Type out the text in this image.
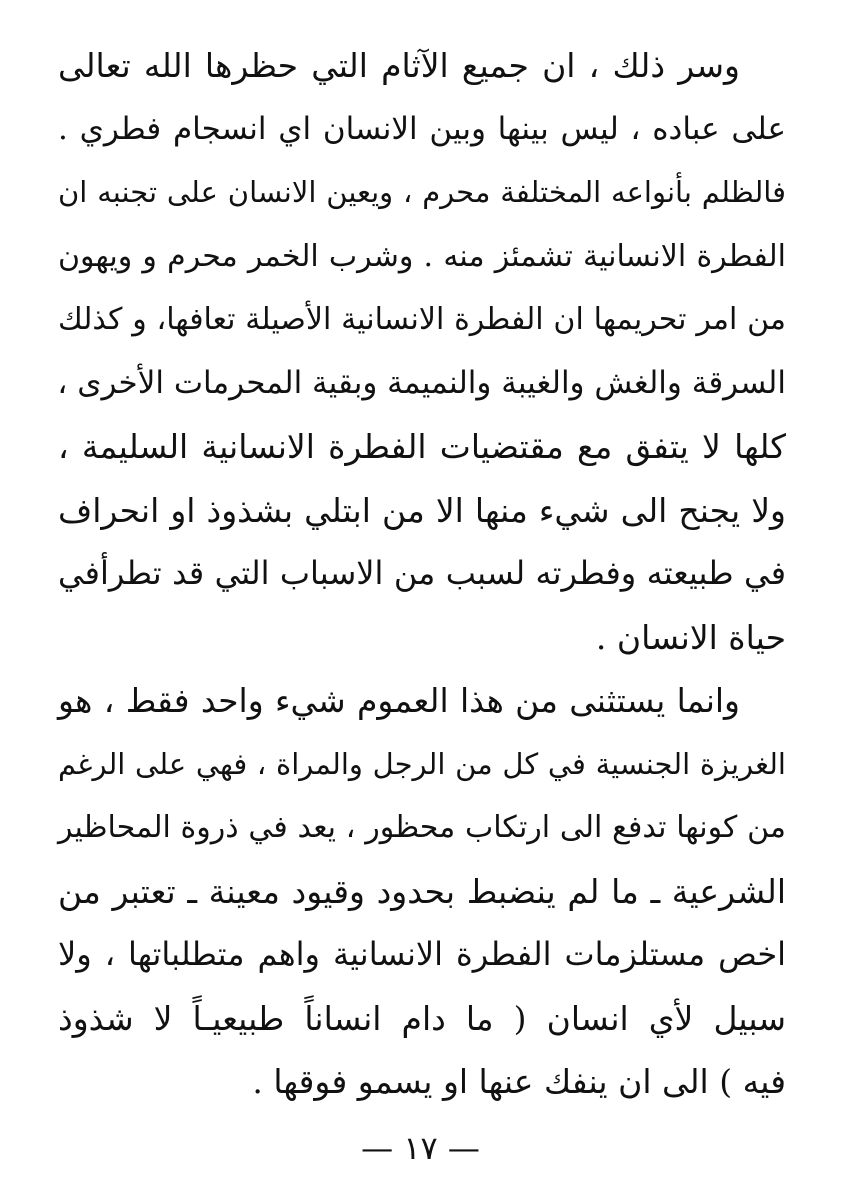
وسر ذلك ، ان جميع الآثام التي حظرها الله تعالى
على عباده ، ليس بينها وبين الانسان اي انسجام فطري .
فالظلم بأنواعه المختلفة محرم ، ويعين الانسان على تجنبه ان
الفطرة الانسانية تشمئز منه . وشرب الخمر محرم و ويهون
من امر تحريمها ان الفطرة الانسانية الأصيلة تعافها، و كذلك
السرقة والغش والغيبة والنميمة وبقية المحرمات الأخرى ،
كلها لا يتفق مع مقتضيات الفطرة الانسانية السليمة ،
ولا يجنح الى شيء منها الا من ابتلي بشذوذ او انحراف
في طبيعته وفطرته لسبب من الاسباب التي قد تطرأفي
حياة الانسان .
وانما يستثنى من هذا العموم شيء واحد فقط ، هو
الغريزة الجنسية في كل من الرجل والمراة ، فهي على الرغم
من كونها تدفع الى ارتكاب محظور ، يعد في ذروة المحاظير
الشرعية ـ ما لم ينضبط بحدود وقيود معينة ـ تعتبر من
اخص مستلزمات الفطرة الانسانية واهم متطلباتها ، ولا
سبيل لأي انسان ( ما دام انساناً طبيعيـاً لا شذوذ
فيه ) الى ان ينفك عنها او يسمو فوقها .
— ١٧ —
